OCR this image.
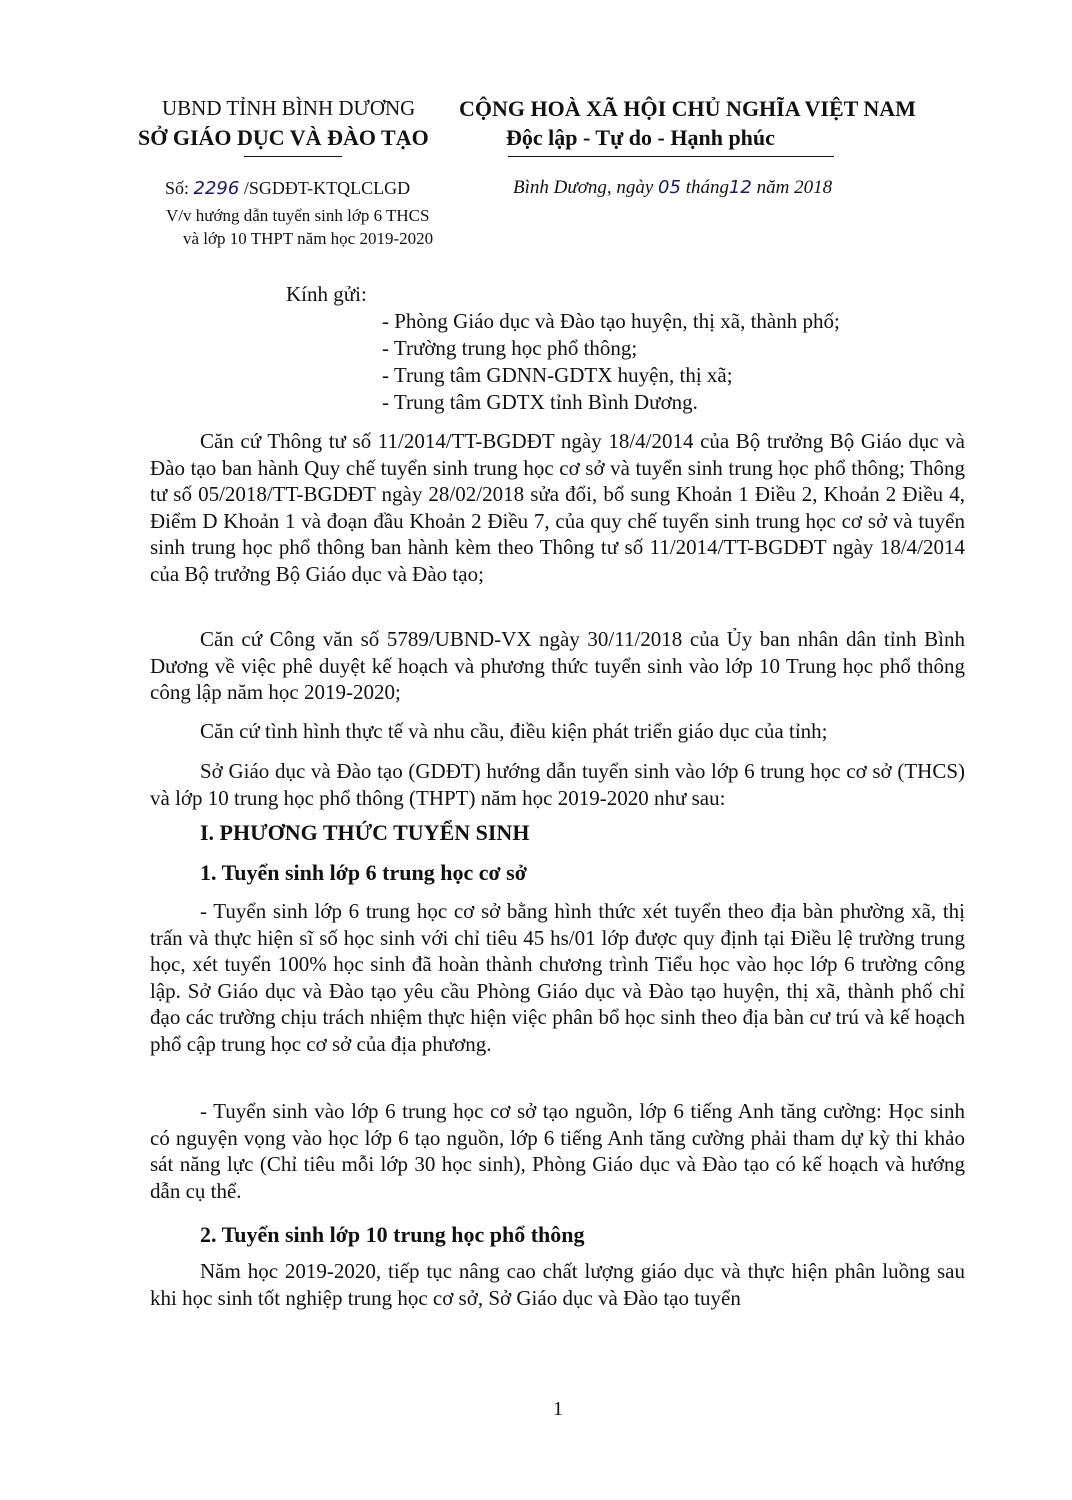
UBND TỈNH BÌNH DƯƠNG
SỞ GIÁO DỤC VÀ ĐÀO TẠO
CỘNG HOÀ XÃ HỘI CHỦ NGHĨA VIỆT NAM
Độc lập - Tự do - Hạnh phúc
Số: 2296 /SGDĐT-KTQLCLGD
V/v hướng dẫn tuyển sinh lớp 6 THCS
và lớp 10 THPT năm học 2019-2020
Bình Dương, ngày 05 tháng12 năm 2018
Kính gửi:
- Phòng Giáo dục và Đào tạo huyện, thị xã, thành phố;
- Trường trung học phổ thông;
- Trung tâm GDNN-GDTX huyện, thị xã;
- Trung tâm GDTX tỉnh Bình Dương.

Căn cứ Thông tư số 11/2014/TT-BGDĐT ngày 18/4/2014 của Bộ trưởng Bộ Giáo dục và Đào tạo ban hành Quy chế tuyển sinh trung học cơ sở và tuyển sinh trung học phổ thông; Thông tư số 05/2018/TT-BGDĐT ngày 28/02/2018 sửa đổi, bổ sung Khoản 1 Điều 2, Khoản 2 Điều 4, Điểm D Khoản 1 và đoạn đầu Khoản 2 Điều 7, của quy chế tuyển sinh trung học cơ sở và tuyển sinh trung học phổ thông ban hành kèm theo Thông tư số 11/2014/TT-BGDĐT ngày 18/4/2014 của Bộ trưởng Bộ Giáo dục và Đào tạo;

Căn cứ Công văn số 5789/UBND-VX ngày 30/11/2018 của Ủy ban nhân dân tỉnh Bình Dương về việc phê duyệt kế hoạch và phương thức tuyển sinh vào lớp 10 Trung học phổ thông công lập năm học 2019-2020;

Căn cứ tình hình thực tế và nhu cầu, điều kiện phát triển giáo dục của tỉnh;

Sở Giáo dục và Đào tạo (GDĐT) hướng dẫn tuyển sinh vào lớp 6 trung học cơ sở (THCS) và lớp 10 trung học phổ thông (THPT) năm học 2019-2020 như sau:

I. PHƯƠNG THỨC TUYỂN SINH
1. Tuyển sinh lớp 6 trung học cơ sở

- Tuyển sinh lớp 6 trung học cơ sở bằng hình thức xét tuyển theo địa bàn phường xã, thị trấn và thực hiện sĩ số học sinh với chỉ tiêu 45 hs/01 lớp được quy định tại Điều lệ trường trung học, xét tuyển 100% học sinh đã hoàn thành chương trình Tiểu học vào học lớp 6 trường công lập. Sở Giáo dục và Đào tạo yêu cầu Phòng Giáo dục và Đào tạo huyện, thị xã, thành phố chỉ đạo các trường chịu trách nhiệm thực hiện việc phân bổ học sinh theo địa bàn cư trú và kế hoạch phổ cập trung học cơ sở của địa phương.

- Tuyển sinh vào lớp 6 trung học cơ sở tạo nguồn, lớp 6 tiếng Anh tăng cường: Học sinh có nguyện vọng vào học lớp 6 tạo nguồn, lớp 6 tiếng Anh tăng cường phải tham dự kỳ thi khảo sát năng lực (Chỉ tiêu mỗi lớp 30 học sinh), Phòng Giáo dục và Đào tạo có kế hoạch và hướng dẫn cụ thể.

2. Tuyển sinh lớp 10 trung học phổ thông

Năm học 2019-2020, tiếp tục nâng cao chất lượng giáo dục và thực hiện phân luồng sau khi học sinh tốt nghiệp trung học cơ sở, Sở Giáo dục và Đào tạo tuyển

1
